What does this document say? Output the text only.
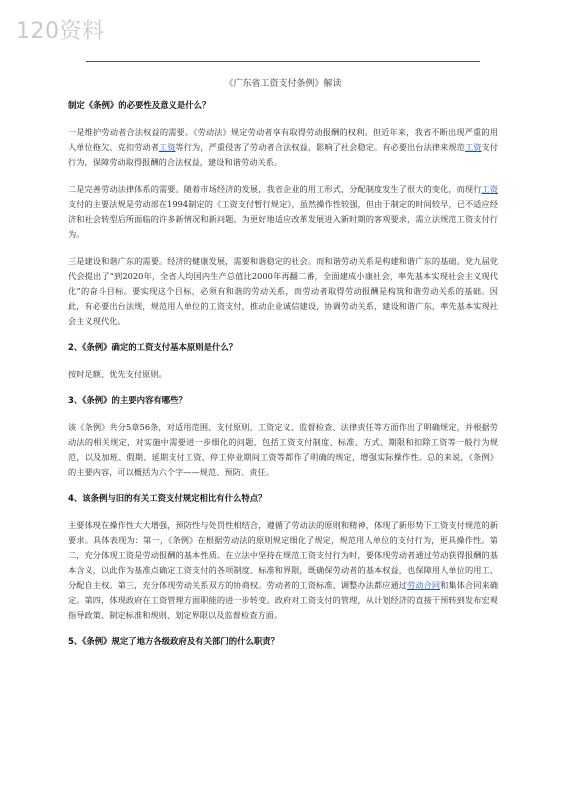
120资料
《广东省工资支付条例》解读
制定《条例》的必要性及意义是什么？
一是维护劳动者合法权益的需要。《劳动法》规定劳动者享有取得劳动报酬的权利。但近年来，我省不断出现严重的用人单位拖欠、克扣劳动者工资等行为，严重侵害了劳动者合法权益，影响了社会稳定。有必要出台法律来规范工资支付行为，保障劳动取得报酬的合法权益，建设和谐劳动关系。
二是完善劳动法律体系的需要。随着市场经济的发展，我省企业的用工形式、分配制度发生了很大的变化，而现行工资支付的主要法规是劳动部在1994制定的《工资支付暂行规定》，虽然操作性较强，但由于制定的时间较早，已不适应经济和社会转型后所面临的许多新情况和新问题。为更好地适应改革发展进入新时期的客观要求，需立法规范工资支付行为。
三是建设和谐广东的需要。经济的健康发展，需要和谐稳定的社会。而和谐劳动关系是构建和谐广东的基础。党九届党代会提出了“到2020年，全省人均国内生产总值比2000年再翻二番，全面建成小康社会，率先基本实现社会主义现代化”的奋斗目标。要实现这个目标，必须有和谐的劳动关系，而劳动者取得劳动报酬是构筑和谐劳动关系的基础。因此，有必要出台法规，规范用人单位的工资支付，推动企业诚信建设，协调劳动关系，建设和谐广东，率先基本实现社会主义现代化。
2、《条例》确定的工资支付基本原则是什么？
按时足额、优先支付原则。
3、《条例》的主要内容有哪些？
该《条例》共分5章56条，对适用范围、支付原则、工资定义、监督检查、法律责任等方面作出了明确规定，并根据劳动法的相关规定，对实施中需要进一步细化的问题，包括工资支付制度、标准、方式、期限和扣除工资等一般行为规范，以及加班、假期、延期支付工资、停工停业期间工资等都作了明确的规定，增强实际操作性。总的来说，《条例》的主要内容，可以概括为六个字——规范、预防、责任。
4、该条例与旧的有关工资支付规定相比有什么特点？
主要体现在操作性大大增强，预防性与处罚性相结合，遵循了劳动法的原则和精神，体现了新形势下工资支付规范的新要求。具体表现为：第一，《条例》在根据劳动法的原则规定细化了规定，规范用人单位的支付行为，更具操作性。第二，充分体现工资是劳动报酬的基本性质。在立法中坚持在规范工资支付行为时，要体现劳动者通过劳动获得报酬的基本含义，以此作为基准点确定工资支付的各项制度、标准和界限，既确保劳动者的基本权益，也保障用人单位的用工、分配自主权。第三，充分体现劳动关系双方的协商权。劳动者的工资标准、调整办法都应通过劳动合同和集体合同来确定。第四，体现政府在工资管理方面职能的进一步转变。政府对工资支付的管理，从计划经济的直接干预转到发布宏观指导政策、制定标准和规则、划定界限以及监督检查方面。
5、《条例》规定了地方各级政府及有关部门的什么职责？
